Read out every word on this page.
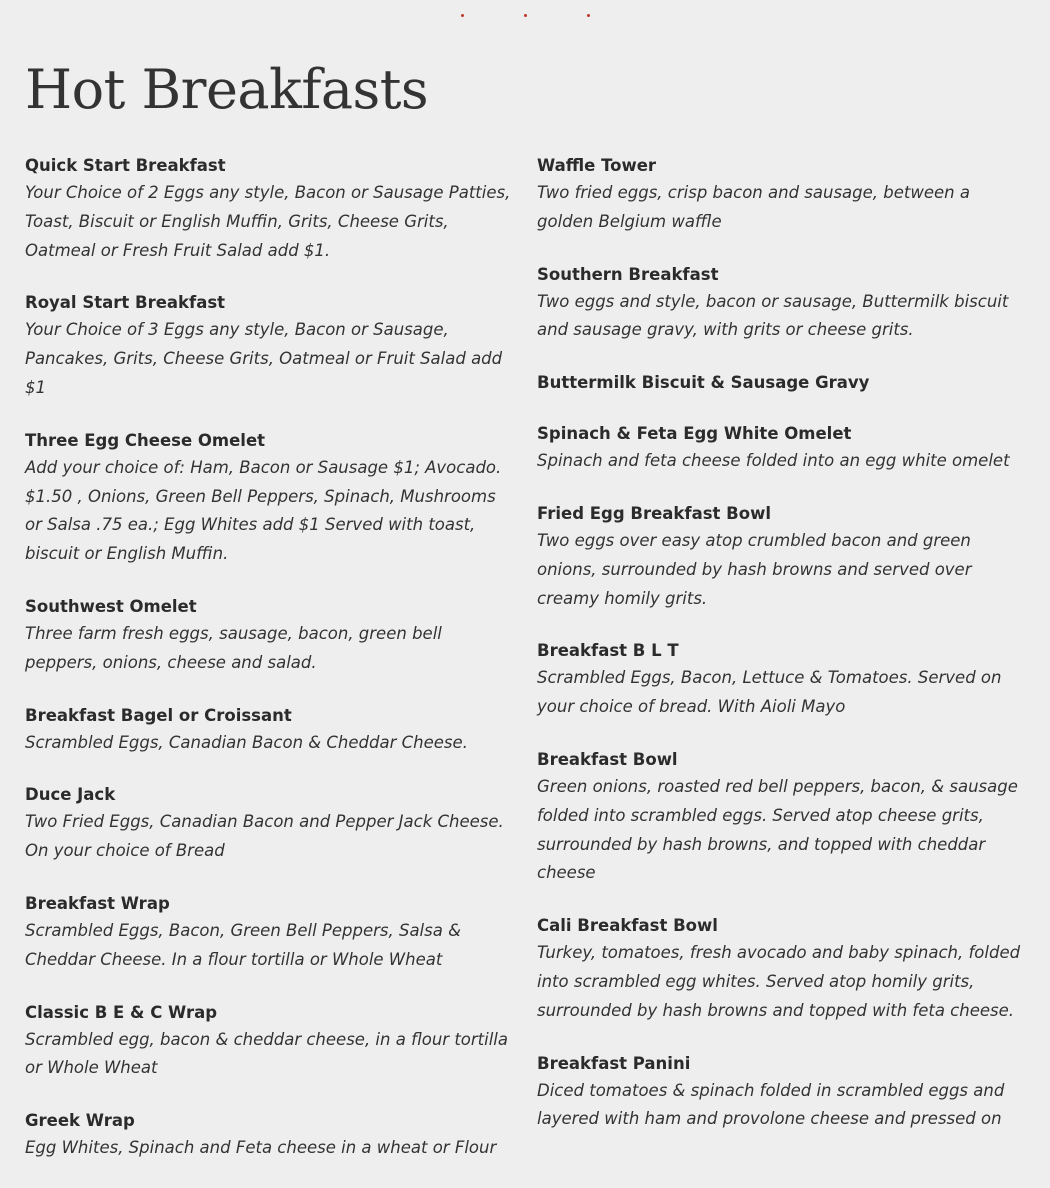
Hot Breakfasts

Quick Start Breakfast

Your Choice of 2 Eggs any style, Bacon or Sausage Patties, Toast, Biscuit or English Muffin, Grits, Cheese Grits, Oatmeal or Fresh Fruit Salad add $1.

Royal Start Breakfast

Your Choice of 3 Eggs any style, Bacon or Sausage, Pancakes, Grits, Cheese Grits, Oatmeal or Fruit Salad add $1

Three Egg Cheese Omelet

Add your choice of: Ham, Bacon or Sausage $1; Avocado. $1.50 , Onions, Green Bell Peppers, Spinach, Mushrooms or Salsa .75 ea.; Egg Whites add $1 Served with toast, biscuit or English Muffin.

Southwest Omelet

Three farm fresh eggs, sausage, bacon, green bell peppers, onions, cheese and salad.

Breakfast Bagel or Croissant

Scrambled Eggs, Canadian Bacon & Cheddar Cheese.

Duce Jack

Two Fried Eggs, Canadian Bacon and Pepper Jack Cheese. On your choice of Bread

Breakfast Wrap

Scrambled Eggs, Bacon, Green Bell Peppers, Salsa & Cheddar Cheese. In a flour tortilla or Whole Wheat

Classic B E & C Wrap

Scrambled egg, bacon & cheddar cheese, in a flour tortilla or Whole Wheat

Greek Wrap

Egg Whites, Spinach and Feta cheese in a wheat or Flour

Waffle Tower

Two fried eggs, crisp bacon and sausage, between a golden Belgium waffle

Southern Breakfast

Two eggs and style, bacon or sausage, Buttermilk biscuit and sausage gravy, with grits or cheese grits.

Buttermilk Biscuit & Sausage Gravy

Spinach & Feta Egg White Omelet

Spinach and feta cheese folded into an egg white omelet

Fried Egg Breakfast Bowl

Two eggs over easy atop crumbled bacon and green onions, surrounded by hash browns and served over creamy homily grits.

Breakfast B L T

Scrambled Eggs, Bacon, Lettuce & Tomatoes. Served on your choice of bread. With Aioli Mayo

Breakfast Bowl

Green onions, roasted red bell peppers, bacon, & sausage folded into scrambled eggs. Served atop cheese grits, surrounded by hash browns, and topped with cheddar cheese

Cali Breakfast Bowl

Turkey, tomatoes, fresh avocado and baby spinach, folded into scrambled egg whites. Served atop homily grits, surrounded by hash browns and topped with feta cheese.

Breakfast Panini

Diced tomatoes & spinach folded in scrambled eggs and layered with ham and provolone cheese and pressed on
